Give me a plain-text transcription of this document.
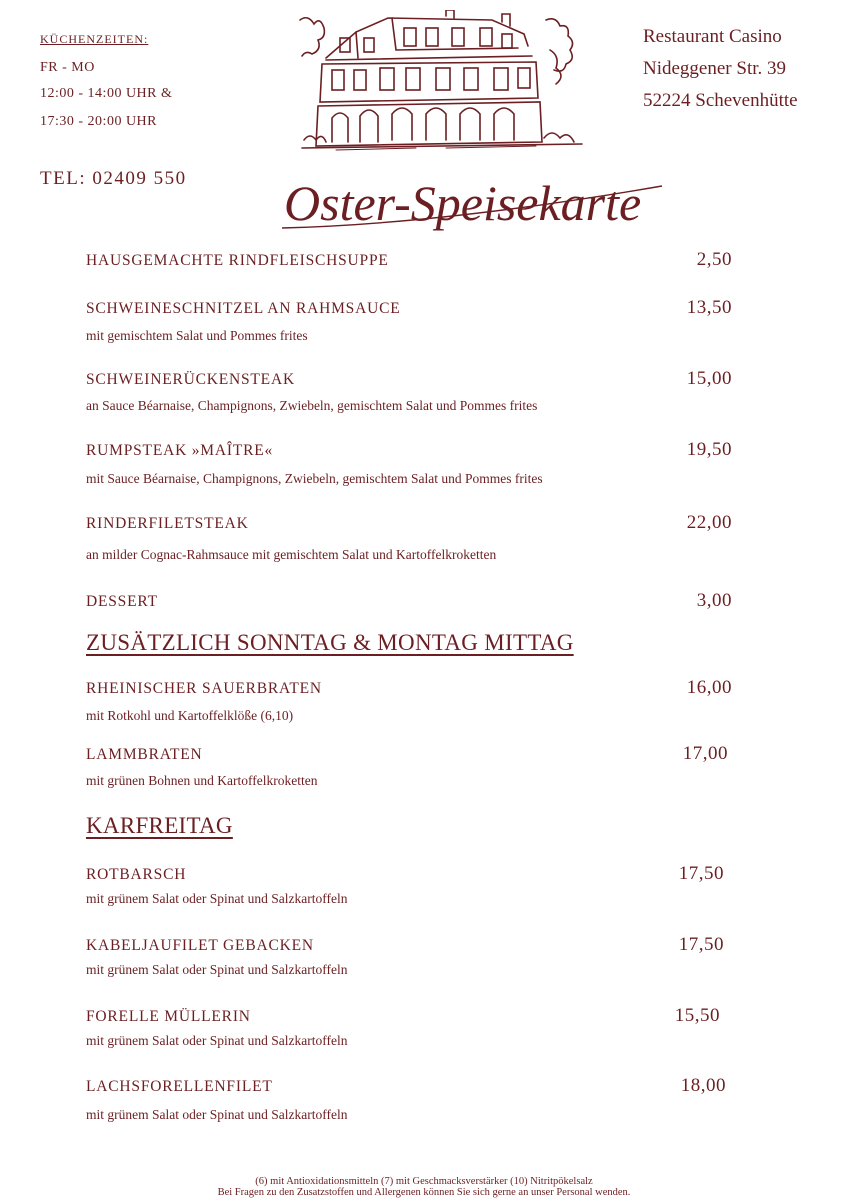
KÜCHENZEITEN:
FR - MO
12:00 - 14:00 UHR &
17:30 - 20:00 UHR
TEL: 02409 550
Restaurant Casino
Nideggener Str. 39
52224 Schevenhütte
Oster-Speisekarte
HAUSGEMACHTE RINDFLEISCHSUPPE	2,50
SCHWEINESCHNITZEL AN RAHMSAUCE
mit gemischtem Salat und Pommes frites
13,50
SCHWEINERÜCKENSTEAK
an Sauce Béarnaise, Champignons, Zwiebeln, gemischtem Salat und Pommes frites
15,00
RUMPSTEAK »MAÎTRE«
mit Sauce Béarnaise, Champignons, Zwiebeln, gemischtem Salat und Pommes frites
19,50
RINDERFILETSTEAK
an milder Cognac-Rahmsauce mit gemischtem Salat und Kartoffelkroketten
22,00
DESSERT	3,00
ZUSÄTZLICH SONNTAG & MONTAG MITTAG
RHEINISCHER SAUERBRATEN
mit Rotkohl und Kartoffelklöße (6,10)
16,00
LAMMBRATEN
mit grünen Bohnen und Kartoffelkroketten
17,00
KARFREITAG
ROTBARSCH
mit grünem Salat oder Spinat und Salzkartoffeln
17,50
KABELJAUFILET GEBACKEN
mit grünem Salat oder Spinat und Salzkartoffeln
17,50
FORELLE MÜLLERIN
mit grünem Salat oder Spinat und Salzkartoffeln
15,50
LACHSFORELLENFILET
mit grünem Salat oder Spinat und Salzkartoffeln
18,00
(6) mit Antioxidationsmitteln (7) mit Geschmacksverstärker (10) Nitritpökelsalz
Bei Fragen zu den Zusatzstoffen und Allergenen können Sie sich gerne an unser Personal wenden.
